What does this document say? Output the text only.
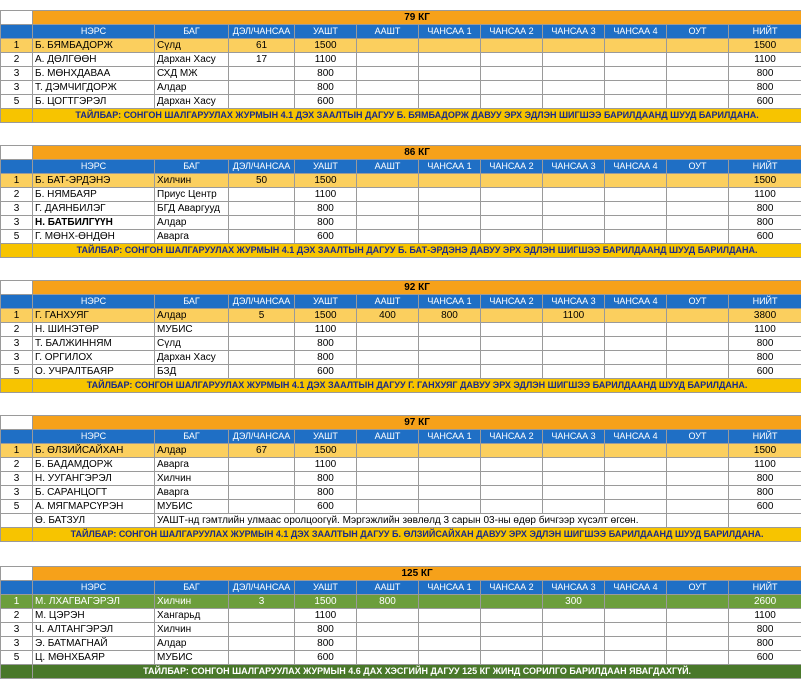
	79 КГ										
	НЭРС	БАГ	ДЭЛ/ЧАНСАА	УАШТ	ААШТ	ЧАНСАА 1	ЧАНСАА 2	ЧАНСАА 3	ЧАНСАА 4	ОУТ	НИЙТ
1	Б. БЯМБАДОРЖ	Сүлд	61	1500							1500
2	А. ДӨЛГӨӨН	Дархан Хасу	17	1100							1100
3	Б. МӨНХДАВАА	СХД МЖ		800							800
3	Т. ДЭМЧИГДОРЖ	Алдар		800							800
5	Б. ЦОГТГЭРЭЛ	Дархан Хасу		600							600
	ТАЙЛБАР: СОНГОН ШАЛГАРУУЛАХ ЖУРМЫН 4.1 ДЭХ ЗААЛТЫН ДАГУУ Б. БЯМБАДОРЖ ДАВУУ ЭРХ ЭДЛЭН ШИГШЭЭ БАРИЛДААНД ШУУД БАРИЛДАНА.										
	86 КГ										
	НЭРС	БАГ	ДЭЛ/ЧАНСАА	УАШТ	ААШТ	ЧАНСАА 1	ЧАНСАА 2	ЧАНСАА 3	ЧАНСАА 4	ОУТ	НИЙТ
1	Б. БАТ-ЭРДЭНЭ	Хилчин	50	1500							1500
2	Б. НЯМБАЯР	Приус Центр		1100							1100
3	Г. ДАЯНБИЛЭГ	БГД Аваргууд		800							800
3	Н. БАТБИЛГҮҮН	Алдар		800							800
5	Г. МӨНХ-ӨНДӨН	Аварга		600							600
	ТАЙЛБАР: СОНГОН ШАЛГАРУУЛАХ ЖУРМЫН 4.1 ДЭХ ЗААЛТЫН ДАГУУ Б. БАТ-ЭРДЭНЭ ДАВУУ ЭРХ ЭДЛЭН ШИГШЭЭ БАРИЛДААНД ШУУД БАРИЛДАНА.										
	92 КГ										
	НЭРС	БАГ	ДЭЛ/ЧАНСАА	УАШТ	ААШТ	ЧАНСАА 1	ЧАНСАА 2	ЧАНСАА 3	ЧАНСАА 4	ОУТ	НИЙТ
1	Г. ГАНХУЯГ	Алдар	5	1500	400	800		1100			3800
2	Н. ШИНЭТӨР	МУБИС		1100							1100
3	Т. БАЛЖИННЯМ	Сүлд		800							800
3	Г. ОРГИЛОХ	Дархан Хасу		800							800
5	О. УЧРАЛТБАЯР	БЗД		600							600
	ТАЙЛБАР: СОНГОН ШАЛГАРУУЛАХ ЖУРМЫН 4.1 ДЭХ ЗААЛТЫН ДАГУУ Г. ГАНХУЯГ ДАВУУ ЭРХ ЭДЛЭН ШИГШЭЭ БАРИЛДААНД ШУУД БАРИЛДАНА.										
	97 КГ										
	НЭРС	БАГ	ДЭЛ/ЧАНСАА	УАШТ	ААШТ	ЧАНСАА 1	ЧАНСАА 2	ЧАНСАА 3	ЧАНСАА 4	ОУТ	НИЙТ
1	Б. ӨЛЗИЙСАЙХАН	Алдар	67	1500							1500
2	Б. БАДАМДОРЖ	Аварга		1100							1100
3	Н. УУГАНГЭРЭЛ	Хилчин		800							800
3	Б. САРАНЦОГТ	Аварга		800							800
5	А. МЯГМАРСҮРЭН	МУБИС		600							600
	Ө. БАТЗУЛ	УАШТ-нд гэмтлийн улмаас оролцоогүй. Мэргэжлийн зөвлөлд 3 сарын 03-ны өдөр бичгээр хүсэлт өгсөн.									
	ТАЙЛБАР: СОНГОН ШАЛГАРУУЛАХ ЖУРМЫН 4.1 ДЭХ ЗААЛТЫН ДАГУУ Б. ӨЛЗИЙСАЙХАН ДАВУУ ЭРХ ЭДЛЭН ШИГШЭЭ БАРИЛДААНД ШУУД БАРИЛДАНА.										
	125 КГ										
	НЭРС	БАГ	ДЭЛ/ЧАНСАА	УАШТ	ААШТ	ЧАНСАА 1	ЧАНСАА 2	ЧАНСАА 3	ЧАНСАА 4	ОУТ	НИЙТ
1	М. ЛХАГВАГЭРЭЛ	Хилчин	3	1500	800			300			2600
2	М. ЦЭРЭН	Хангарьд		1100							1100
3	Ч. АЛТАНГЭРЭЛ	Хилчин		800							800
3	Э. БАТМАГНАЙ	Алдар		800							800
5	Ц. МӨНХБАЯР	МУБИС		600							600
	ТАЙЛБАР: СОНГОН ШАЛГАРУУЛАХ ЖУРМЫН 4.6 ДАХ ХЭСГИЙН ДАГУУ 125 КГ ЖИНД СОРИЛГО БАРИЛДААН ЯВАГДАХГҮЙ.										
